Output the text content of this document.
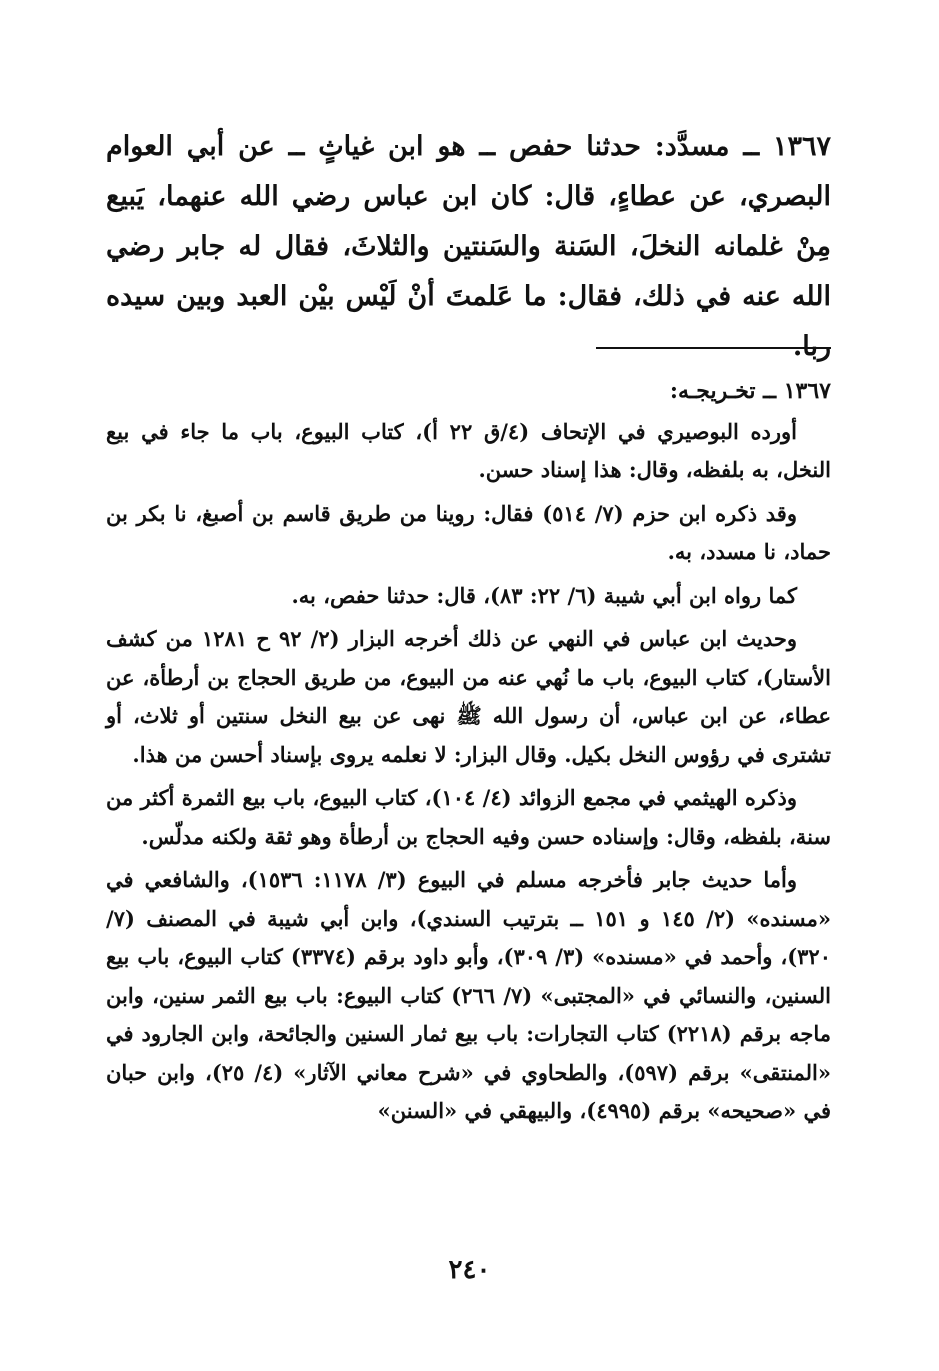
١٣٦٧ ــ مسدَّد: حدثنا حفص ــ هو ابن غياثٍ ــ عن أبي العوام البصري، عن عطاءٍ، قال: كان ابن عباس رضي الله عنهما، يَبيع مِنْ غلمانه النخلَ، السَنة والسَنتين والثلاثَ، فقال له جابر رضي الله عنه في ذلك، فقال: ما عَلمتَ أنْ لَيْس بيْن العبد وبين سيده ربا.

١٣٦٧ ــ تخـريجـه:

أورده البوصيري في الإتحاف (٤/ق ٢٢ أ)، كتاب البيوع، باب ما جاء في بيع النخل، به بلفظه، وقال: هذا إسناد حسن.

وقد ذكره ابن حزم (٧/ ٥١٤) فقال: روينا من طريق قاسم بن أصبغ، نا بكر بن حماد، نا مسدد، به.

كما رواه ابن أبي شيبة (٦/ ٢٢: ٨٣)، قال: حدثنا حفص، به.

وحديث ابن عباس في النهي عن ذلك أخرجه البزار (٢/ ٩٢ ح ١٢٨١ من كشف الأستار)، كتاب البيوع، باب ما نُهي عنه من البيوع، من طريق الحجاج بن أرطأة، عن عطاء، عن ابن عباس، أن رسول الله ﷺ نهى عن بيع النخل سنتين أو ثلاث، أو تشترى في رؤوس النخل بكيل. وقال البزار: لا نعلمه يروى بإسناد أحسن من هذا.

وذكره الهيثمي في مجمع الزوائد (٤/ ١٠٤)، كتاب البيوع، باب بيع الثمرة أكثر من سنة، بلفظه، وقال: وإسناده حسن وفيه الحجاج بن أرطأة وهو ثقة ولكنه مدلّس.

وأما حديث جابر فأخرجه مسلم في البيوع (٣/ ١١٧٨: ١٥٣٦)، والشافعي في «مسنده» (٢/ ١٤٥ و ١٥١ ــ بترتيب السندي)، وابن أبي شيبة في المصنف (٧/ ٣٢٠)، وأحمد في «مسنده» (٣/ ٣٠٩)، وأبو داود برقم (٣٣٧٤) كتاب البيوع، باب بيع السنين، والنسائي في «المجتبى» (٧/ ٢٦٦) كتاب البيوع: باب بيع الثمر سنين، وابن ماجه برقم (٢٢١٨) كتاب التجارات: باب بيع ثمار السنين والجائحة، وابن الجارود في «المنتقى» برقم (٥٩٧)، والطحاوي في «شرح معاني الآثار» (٤/ ٢٥)، وابن حبان في «صحيحه» برقم (٤٩٩٥)، والبيهقي في «السنن»

٢٤٠
